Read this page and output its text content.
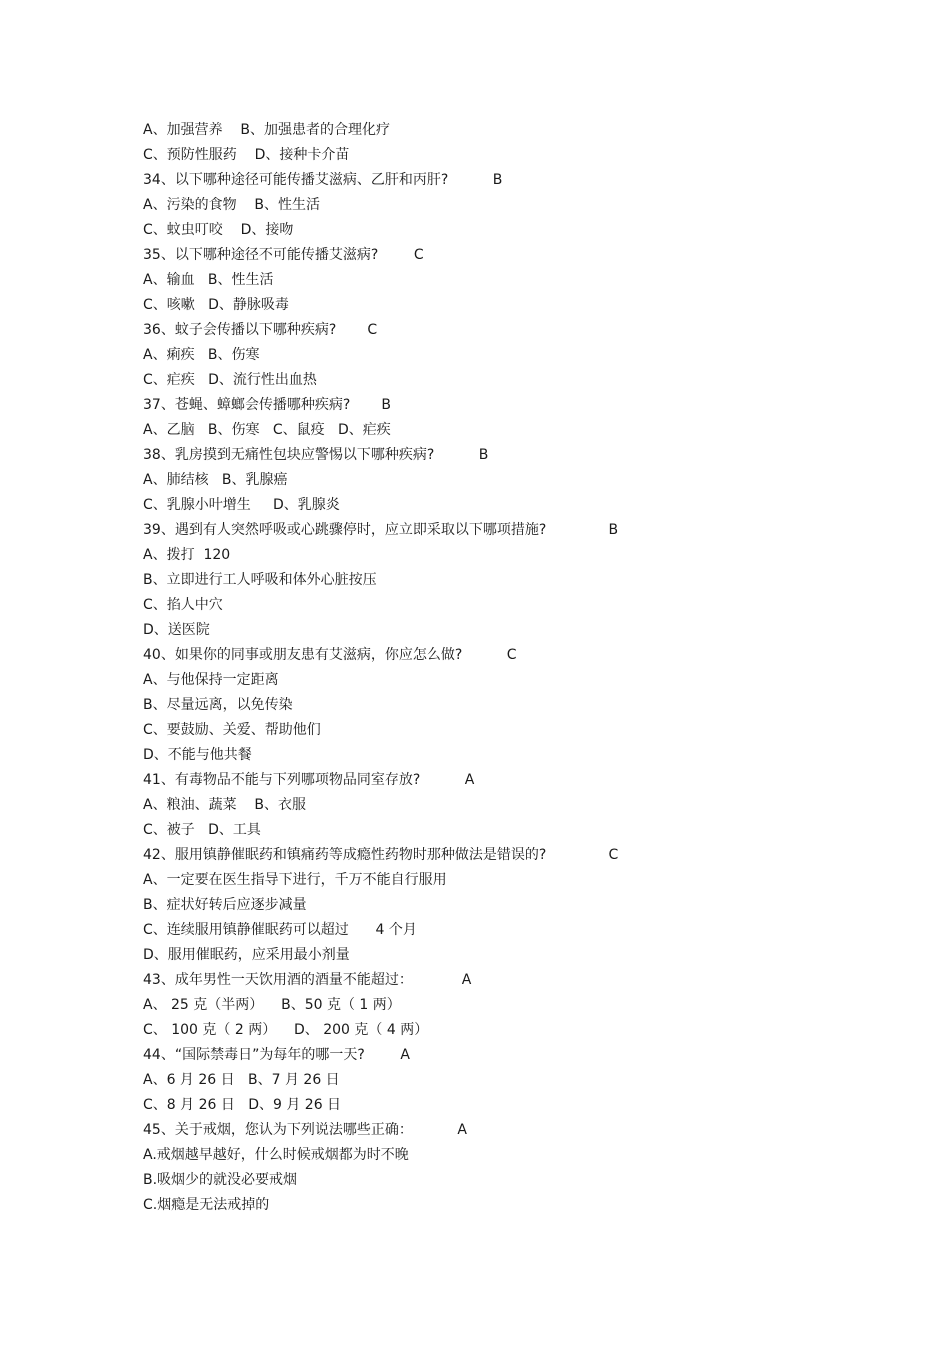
A、加强营养    B、加强患者的合理化疗
C、预防性服药    D、接种卡介苗
34、以下哪种途径可能传播艾滋病、乙肝和丙肝?          B
A、污染的食物    B、性生活
C、蚊虫叮咬    D、接吻
35、以下哪种途径不可能传播艾滋病?        C
A、输血   B、性生活
C、咳嗽   D、静脉吸毒
36、蚊子会传播以下哪种疾病?       C
A、痢疾   B、伤寒
C、疟疾   D、流行性出血热
37、苍蝇、蟑螂会传播哪种疾病?       B
A、乙脑   B、伤寒   C、鼠疫   D、疟疾
38、乳房摸到无痛性包块应警惕以下哪种疾病?          B
A、肺结核   B、乳腺癌
C、乳腺小叶增生     D、乳腺炎
39、遇到有人突然呼吸或心跳骤停时，应立即采取以下哪项措施?              B
A、拨打  120
B、立即进行工人呼吸和体外心脏按压
C、掐人中穴
D、送医院
40、如果你的同事或朋友患有艾滋病，你应怎么做?          C
A、与他保持一定距离
B、尽量远离，以免传染
C、要鼓励、关爱、帮助他们
D、不能与他共餐
41、有毒物品不能与下列哪项物品同室存放?          A
A、粮油、蔬菜    B、衣服
C、被子   D、工具
42、服用镇静催眠药和镇痛药等成瘾性药物时那种做法是错误的?              C
A、一定要在医生指导下进行，千万不能自行服用
B、症状好转后应逐步减量
C、连续服用镇静催眠药可以超过      4 个月
D、服用催眠药，应采用最小剂量
43、成年男性一天饮用酒的酒量不能超过：           A
A、 25 克（半两）    B、50 克（ 1 两）
C、 100 克（ 2 两）    D、 200 克（ 4 两）
44、“国际禁毒日”为每年的哪一天?        A
A、6 月 26 日   B、7 月 26 日
C、8 月 26 日   D、9 月 26 日
45、关于戒烟，您认为下列说法哪些正确：          A
A.戒烟越早越好，什么时候戒烟都为时不晚
B.吸烟少的就没必要戒烟
C.烟瘾是无法戒掉的
